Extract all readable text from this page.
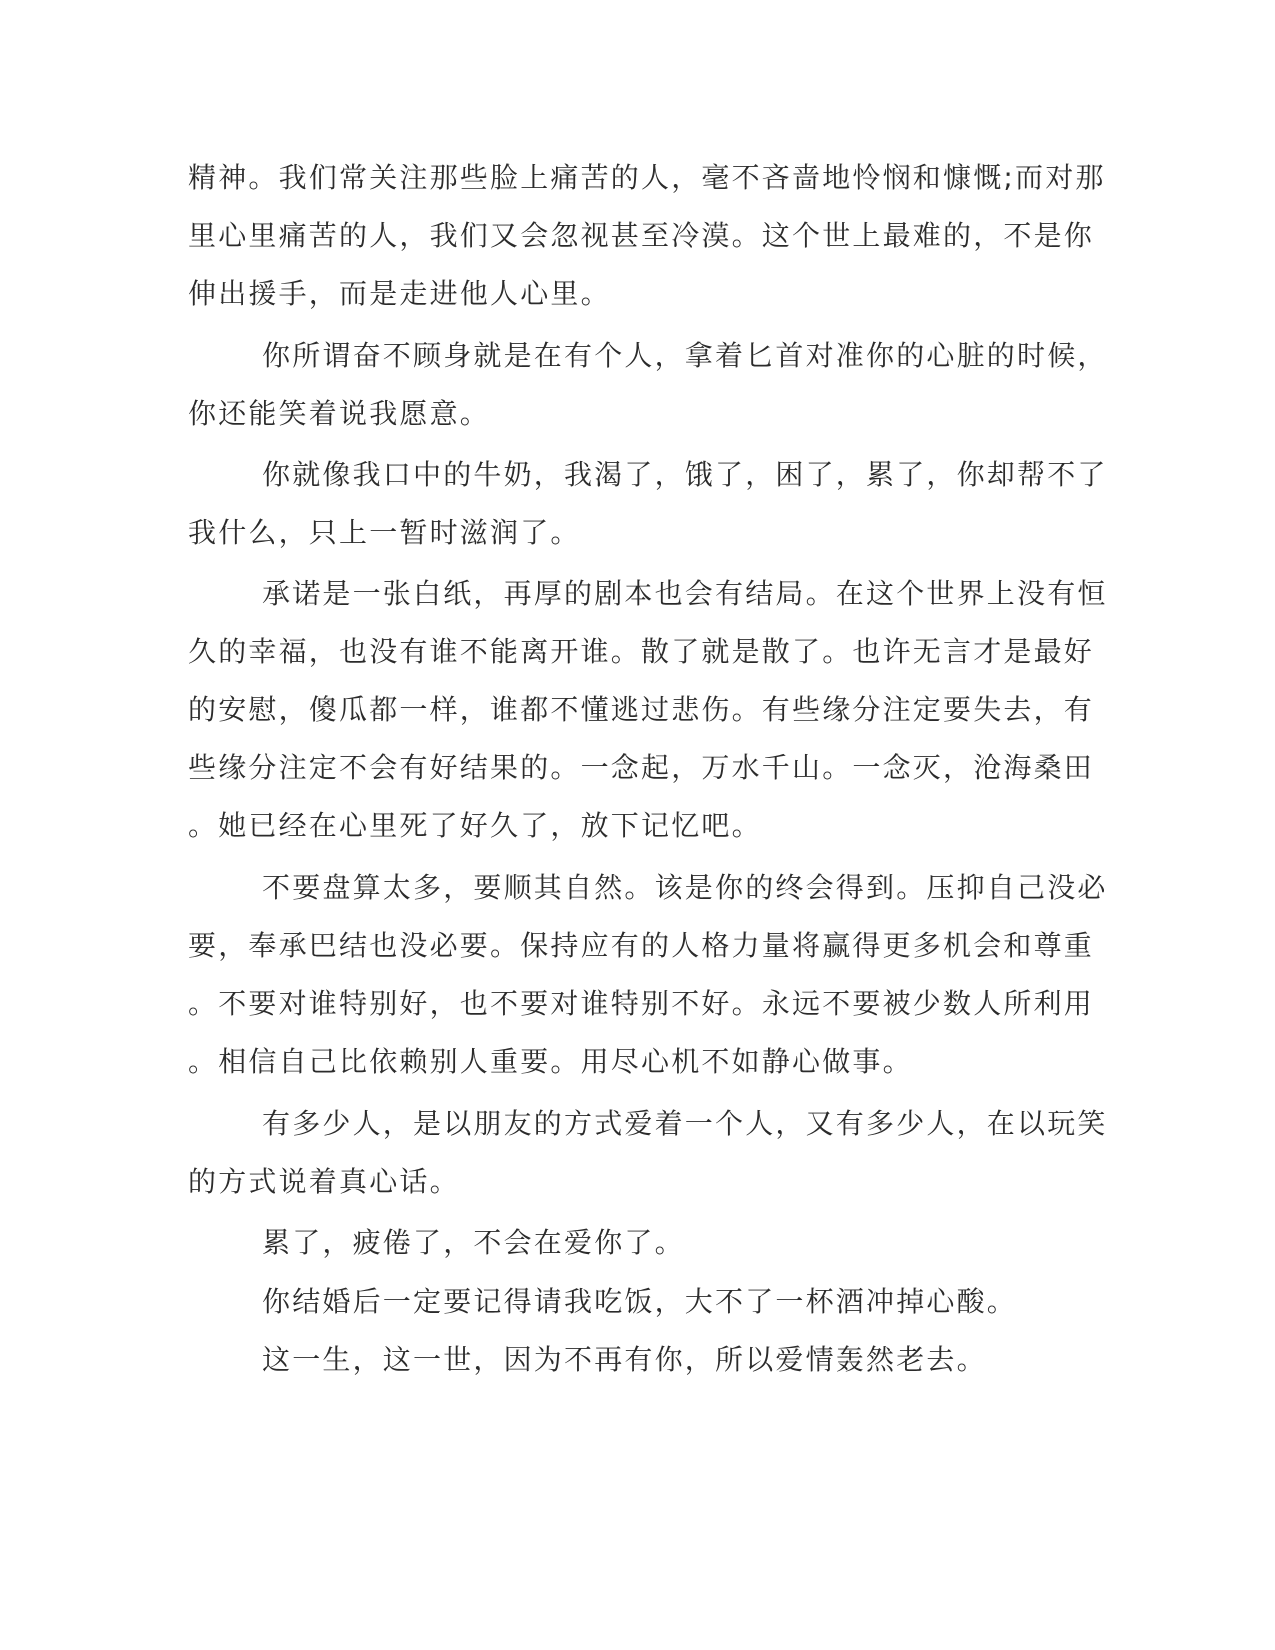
精神。我们常关注那些脸上痛苦的人，毫不吝啬地怜悯和慷慨;而对那
里心里痛苦的人，我们又会忽视甚至冷漠。这个世上最难的，不是你
伸出援手，而是走进他人心里。
你所谓奋不顾身就是在有个人，拿着匕首对准你的心脏的时候，
你还能笑着说我愿意。
你就像我口中的牛奶，我渴了，饿了，困了，累了，你却帮不了
我什么，只上一暂时滋润了。
承诺是一张白纸，再厚的剧本也会有结局。在这个世界上没有恒
久的幸福，也没有谁不能离开谁。散了就是散了。也许无言才是最好
的安慰，傻瓜都一样，谁都不懂逃过悲伤。有些缘分注定要失去，有
些缘分注定不会有好结果的。一念起，万水千山。一念灭，沧海桑田
。她已经在心里死了好久了，放下记忆吧。
不要盘算太多，要顺其自然。该是你的终会得到。压抑自己没必
要，奉承巴结也没必要。保持应有的人格力量将赢得更多机会和尊重
。不要对谁特别好，也不要对谁特别不好。永远不要被少数人所利用
。相信自己比依赖别人重要。用尽心机不如静心做事。
有多少人，是以朋友的方式爱着一个人，又有多少人，在以玩笑
的方式说着真心话。
累了，疲倦了，不会在爱你了。
你结婚后一定要记得请我吃饭，大不了一杯酒冲掉心酸。
这一生，这一世，因为不再有你，所以爱情轰然老去。
